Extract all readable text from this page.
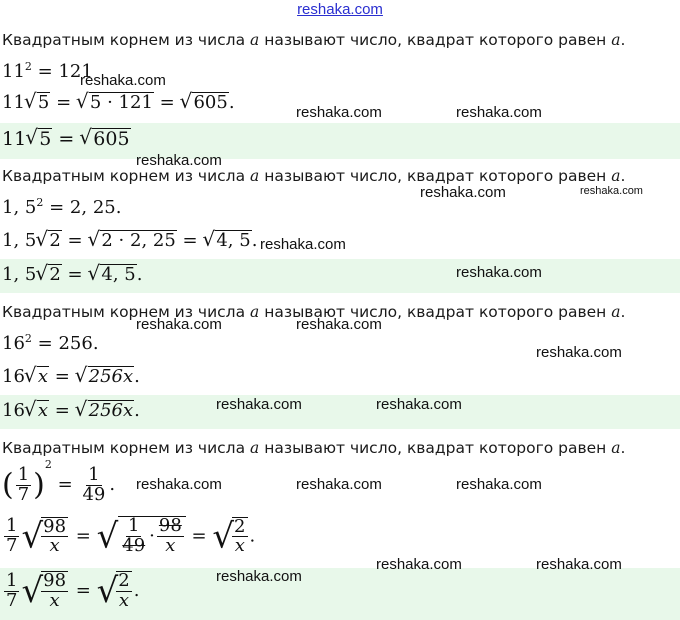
reshaka.com
Квадратным корнем из числа a называют число, квадрат которого равен a.
$11^2 = 121$
11 √ 5 = √ 5 · 121 = √ 605.
11 √ 5 = √ 605
Квадратным корнем из числа a называют число, квадрат которого равен a.
1, $5^2 = 2$, 25.
1, 5 √ 2 = √ 2 · 2, 25 = √ 4, 5.
1, 5 √ 2 = √ 4, 5.
Квадратным корнем из числа a называют число, квадрат которого равен a.
$16^2 = 256$.
16 √ x = √ 256x.
16 √ x = √ 256x.
Квадратным корнем из числа a называют число, квадрат которого равен a.
( $\frac{1}{7} )^2 = \frac{1}{49}$ .
$\frac{1}{7}$ √
$\frac{98}{x}$ = √ $\frac{1}{49} \cdot \frac{98}{x}$ = √
$\frac{2}{x}$ .
$\frac{1}{7}$ √
$\frac{98}{x}$ = √
$\frac{2}{x}$ .
reshaka.com
reshaka.com	reshaka.com
reshaka.com
reshaka.com	reshaka.com
reshaka.com
reshaka.com
reshaka.com	reshaka.com
reshaka.com
reshaka.com	reshaka.com
reshaka.com	reshaka.com	reshaka.com
reshaka.com	reshaka.com
reshaka.com
